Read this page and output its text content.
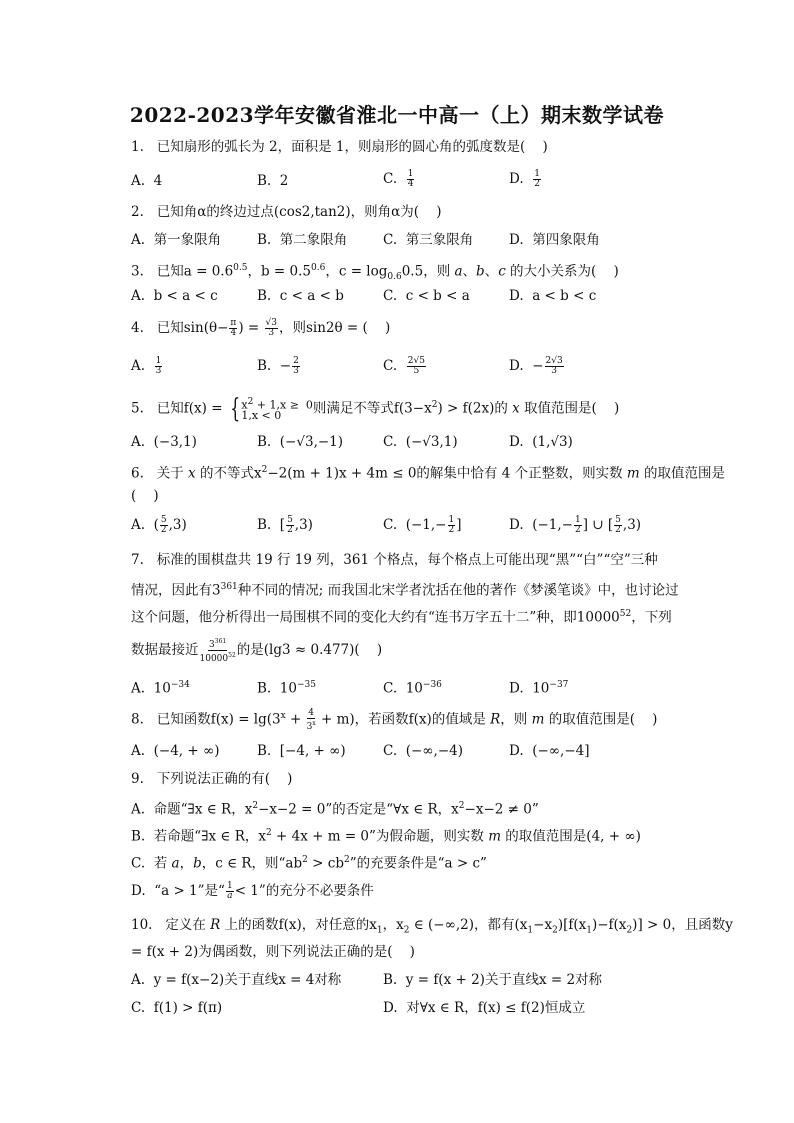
2022-2023学年安徽省淮北一中高一（上）期末数学试卷
1.   已知扇形的弧长为 2，面积是 1，则扇形的圆心角的弧度数是(    )
A.  4	B.  2	C. $\frac{1}{4}$	D. $\frac{1}{2}$
2.   已知角α的终边过点(cos2,tan2)，则角α为(    )
A.  第一象限角	B.  第二象限角	C.  第三象限角	D.  第四象限角
3.   已知$a = 0.6^{0.5}$，$b = 0.5^{0.6}$，$c = \log_{0.6}0.5$，则 a、b、c 的大小关系为(    )
A.  b < a < c	B.  c < a < b	C.  c < b < a	D.  a < b < c
4.   已知$\sin(\theta- \frac{\pi}{4}$ ) = $\frac{√3}{3}$ ，则sin2θ = (    )
A. $\frac{1}{3}$	B.  − $\frac{2}{3}$	C. $\frac{2√5}{5}$	D.  − $\frac{2√3}{3}$
5.   已知f(x) = { $x^2 + 1,x \ge 0$
1,x < 0	则满足不等式$f(3-x^2) > f(2x)$的 x 取值范围是(    )
A.  (−3,1)	B.  (−√3,−1)	C.  (−√3,1)	D.  (1,√3)
6.   关于 x 的不等式$x^2-2(m + 1)x + 4m \le 0$的解集中恰有 4 个正整数，则实数 m 的取值范围是
(    )
A.  ( $\frac{5}{2} ,3$)	B.  [ $\frac{5}{2} ,3$)	C.  ($-1,- \frac{1}{2}$ ]	D.  ($-1,- \frac{1}{2}$ ] ∪ [ $\frac{5}{2} ,3$)
7.   标准的围棋盘共 19 行 19 列，361 个格点，每个格点上可能出现“黑”“白”“空”三种
情况，因此有$3^{361}$种不同的情况; 而我国北宋学者沈括在他的著作《梦溪笔谈》中，也讨论过
这个问题，他分析得出一局围棋不同的变化大约有“连书万字五十二”种，即10000$^{52}$，下列
数据最接近 $\frac{3^{361}}{10000^{52}}$ 的是(lg3 ≈ 0.477)(    )
A.  $10^{-34}$	B.  $10^{-35}$	C.  $10^{-36}$	D.  $10^{-37}$
8.   已知函数$f(x) = \lg(3^x + \frac{4}{3^x} + m)$，若函数f(x)的值域是 R，则 m 的取值范围是(    )
A.  (−4, + ∞)	B.  [−4, + ∞)	C.  (−∞,−4)	D.  (−∞,−4]
9.   下列说法正确的有(    )
A.  命题“∃x ∈ R，$x^2-x-2 = 0$”的否定是“∀x ∈ R，$x^2-x-2 \ne 0$”
B.  若命题“∃x ∈ R，$x^2 + 4x + m = 0$”为假命题，则实数 m 的取值范围是(4, + ∞)
C.  若 a，b，c ∈ R，则“$ab^2 > cb^2$”的充要条件是“a > c”
D.  “a > 1”是“ $\frac{1}{a} < 1$”的充分不必要条件
10.   定义在 R 上的函数f(x)，对任意的$x_1$，$x_2$ ∈ (−∞,2)，都有$(x_1-x_2)[f(x_1)-f(x_2)] > 0$，且函数y
= f(x + 2)为偶函数，则下列说法正确的是(    )
A.  y = f(x−2)关于直线x = 4对称	B.  y = f(x + 2)关于直线x = 2对称
C.  f(1) > f(π)	D.  对∀x ∈ R，f(x) ≤ f(2)恒成立
